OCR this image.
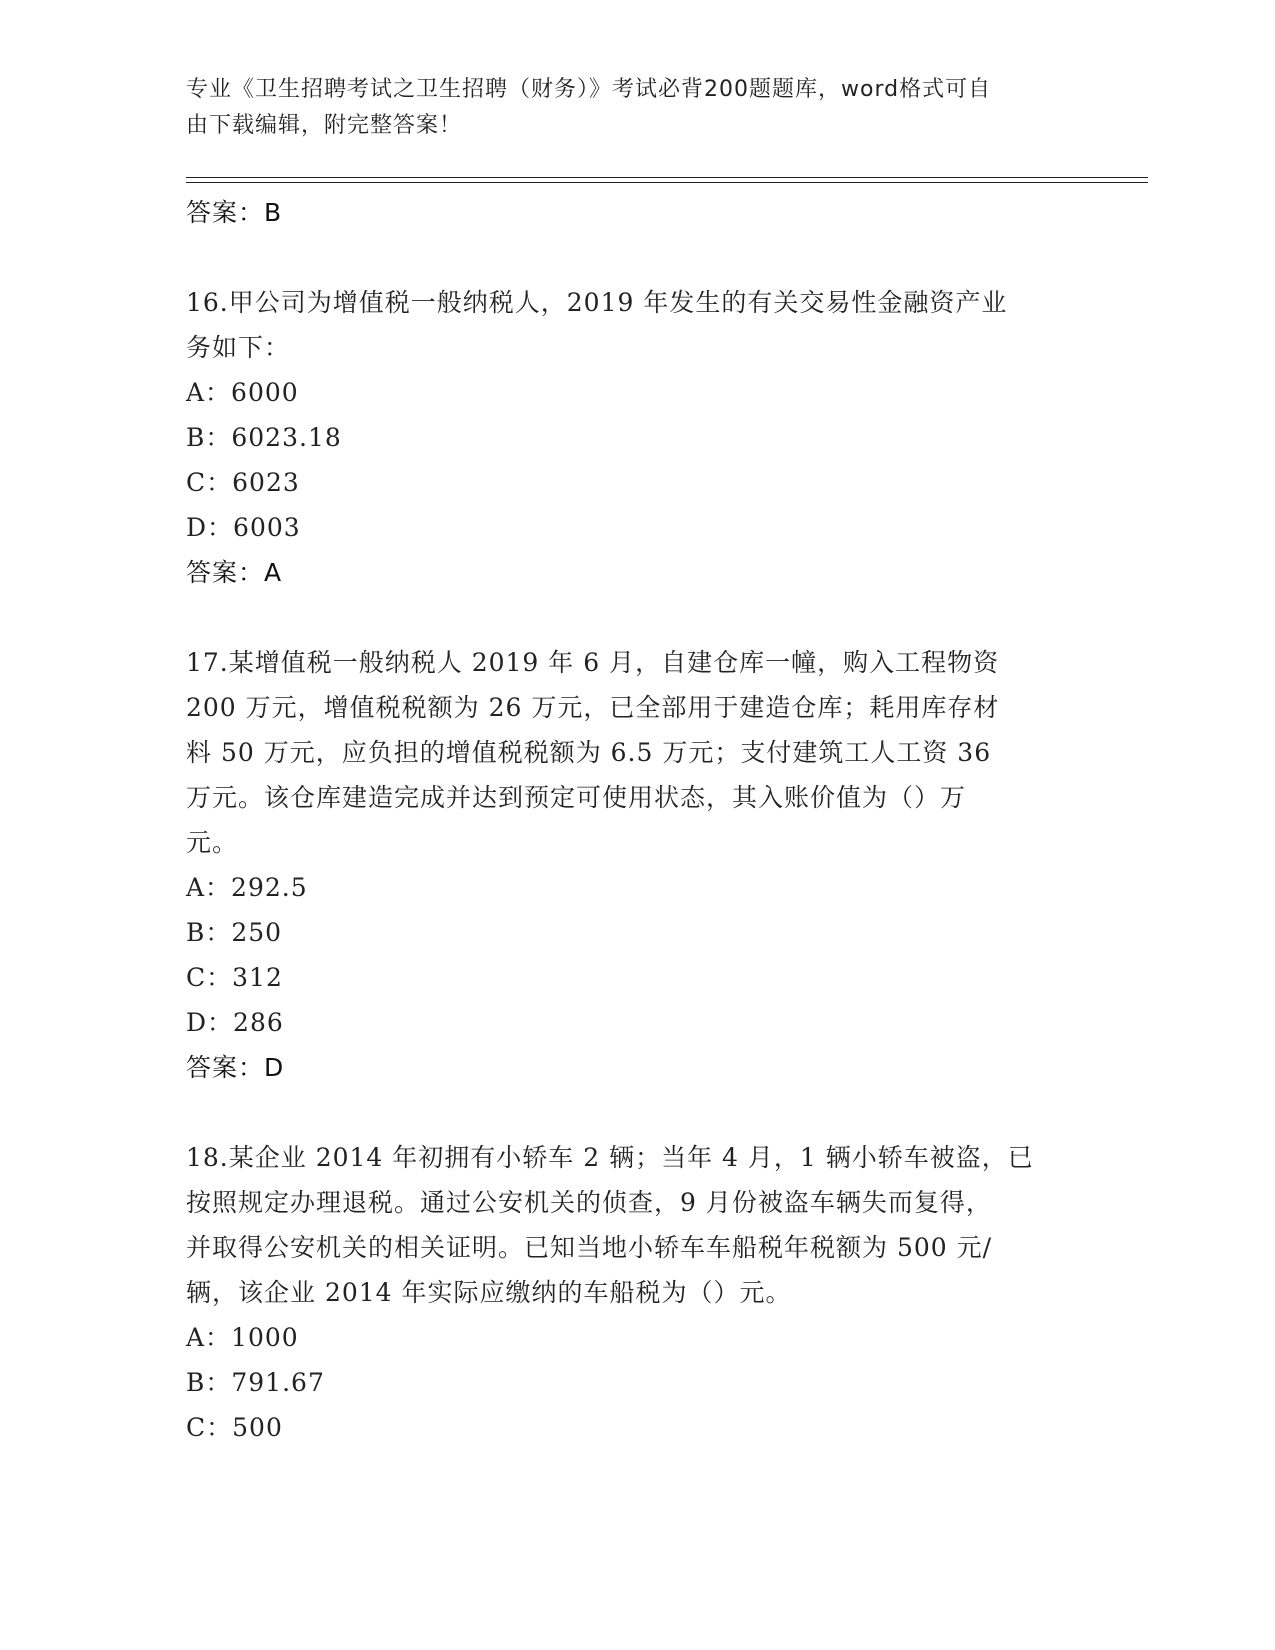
专业《卫生招聘考试之卫生招聘（财务）》考试必背200题题库，word格式可自
由下载编辑，附完整答案！
答案：B
16.甲公司为增值税一般纳税人，2019 年发生的有关交易性金融资产业
务如下：
A：6000
B：6023.18
C：6023
D：6003
答案：A
17.某增值税一般纳税人 2019 年 6 月，自建仓库一幢，购入工程物资
200 万元，增值税税额为 26 万元，已全部用于建造仓库；耗用库存材
料 50 万元，应负担的增值税税额为 6.5 万元；支付建筑工人工资 36
万元。该仓库建造完成并达到预定可使用状态，其入账价值为（）万
元。
A：292.5
B：250
C：312
D：286
答案：D
18.某企业 2014 年初拥有小轿车 2 辆；当年 4 月，1 辆小轿车被盗，已
按照规定办理退税。通过公安机关的侦查，9 月份被盗车辆失而复得，
并取得公安机关的相关证明。已知当地小轿车车船税年税额为 500 元/
辆，该企业 2014 年实际应缴纳的车船税为（）元。
A：1000
B：791.67
C：500
